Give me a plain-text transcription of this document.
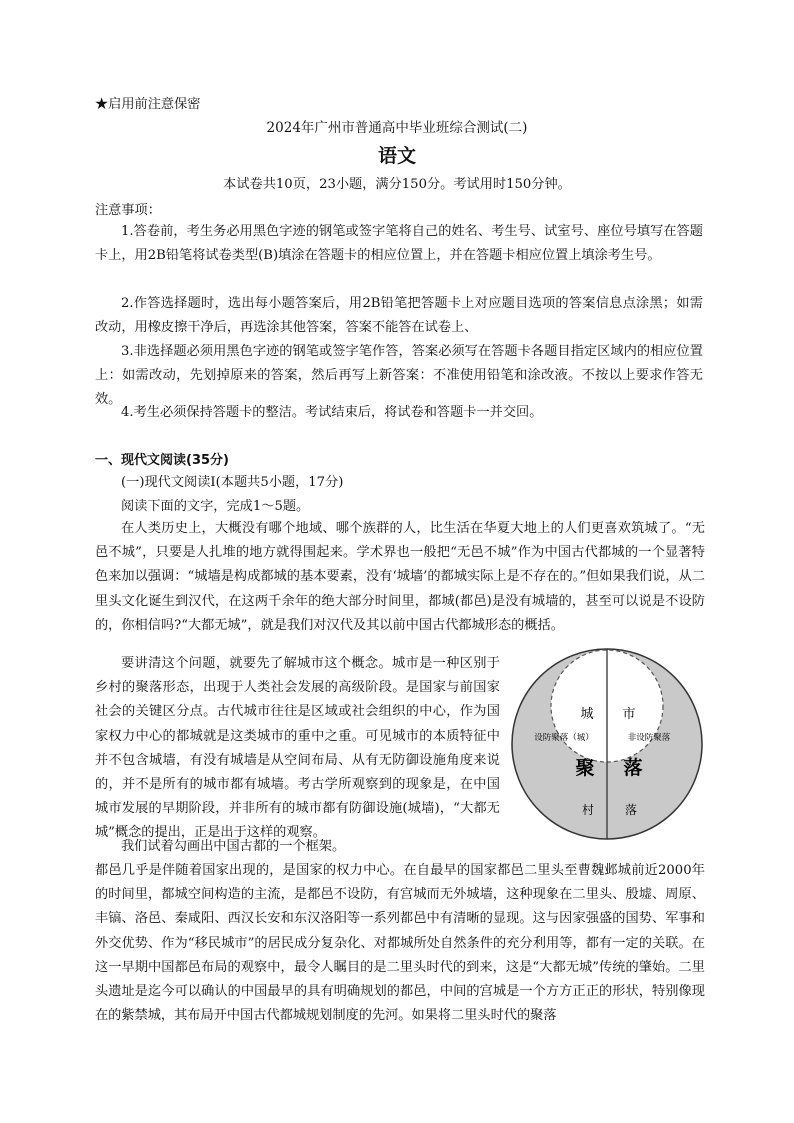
★启用前注意保密
2024年广州市普通高中毕业班综合测试(二)
语文
本试卷共10页，23小题，满分150分。考试用时150分钟。
注意事项：

1.答卷前，考生务必用黑色字迹的钢笔或签字笔将自己的姓名、考生号、试室号、座位号填写在答题卡上，用2B铅笔将试卷类型(B)填涂在答题卡的相应位置上，并在答题卡相应位置上填涂考生号。

2.作答选择题时，选出每小题答案后，用2B铅笔把答题卡上对应题目选项的答案信息点涂黑；如需改动，用橡皮擦干净后，再选涂其他答案，答案不能答在试卷上、

3.非选择题必须用黑色字迹的钢笔或签字笔作答，答案必须写在答题卡各题目指定区域内的相应位置上：如需改动，先划掉原来的答案，然后再写上新答案：不准使用铅笔和涂改液。不按以上要求作答无效。

4.考生必须保持答题卡的整洁。考试结束后，将试卷和答题卡一并交回。

一、现代文阅读(35分)
(一)现代文阅读Ⅰ(本题共5小题，17分)
阅读下面的文字，完成1～5题。

在人类历史上，大概没有哪个地域、哪个族群的人，比生活在华夏大地上的人们更喜欢筑城了。“无邑不城”，只要是人扎堆的地方就得围起来。学术界也一般把“无邑不城”作为中国古代都城的一个显著特色来加以强调：“城墙是构成都城的基本要素，没有‘城墙’的都城实际上是不存在的。”但如果我们说，从二里头文化诞生到汉代，在这两千余年的绝大部分时间里，都城(都邑)是没有城墙的，甚至可以说是不设防的，你相信吗?“大都无城”，就是我们对汉代及其以前中国古代都城形态的概括。

要讲清这个问题，就要先了解城市这个概念。城市是一种区别于乡村的聚落形态，出现于人类社会发展的高级阶段。是国家与前国家社会的关键区分点。古代城市往往是区域或社会组织的中心，作为国家权力中心的都城就是这类城市的重中之重。可见城市的本质特征中并不包含城墙，有没有城墙是从空间布局、从有无防御设施角度来说的，并不是所有的城市都有城墙。考古学所观察到的现象是，在中国城市发展的早期阶段，并非所有的城市都有防御设施(城墙)，“大都无城”概念的提出，正是出于这样的观察。

我们试着勾画出中国古都的一个框架。

都邑几乎是伴随着国家出现的，是国家的权力中心。在自最早的国家都邑二里头至曹魏邺城前近2000年的时间里，都城空间构造的主流，是都邑不设防，有宫城而无外城墙，这种现象在二里头、殷墟、周原、丰镐、洛邑、秦咸阳、西汉长安和东汉洛阳等一系列都邑中有清晰的显现。这与因家强盛的国势、军事和外交优势、作为“移民城市”的居民成分复杂化、对都城所处自然条件的充分利用等，都有一定的关联。在这一早期中国都邑布局的观察中，最令人瞩目的是二里头时代的到来，这是“大都无城”传统的肇始。二里头遗址是迄今可以确认的中国最早的具有明确规划的都邑，中间的宫城是一个方方正正的形状，特别像现在的紫禁城，其布局开中国古代都城规划制度的先河。如果将二里头时代的聚落

城 市
设防聚落（城）	非设防聚落
聚 落
村	落
